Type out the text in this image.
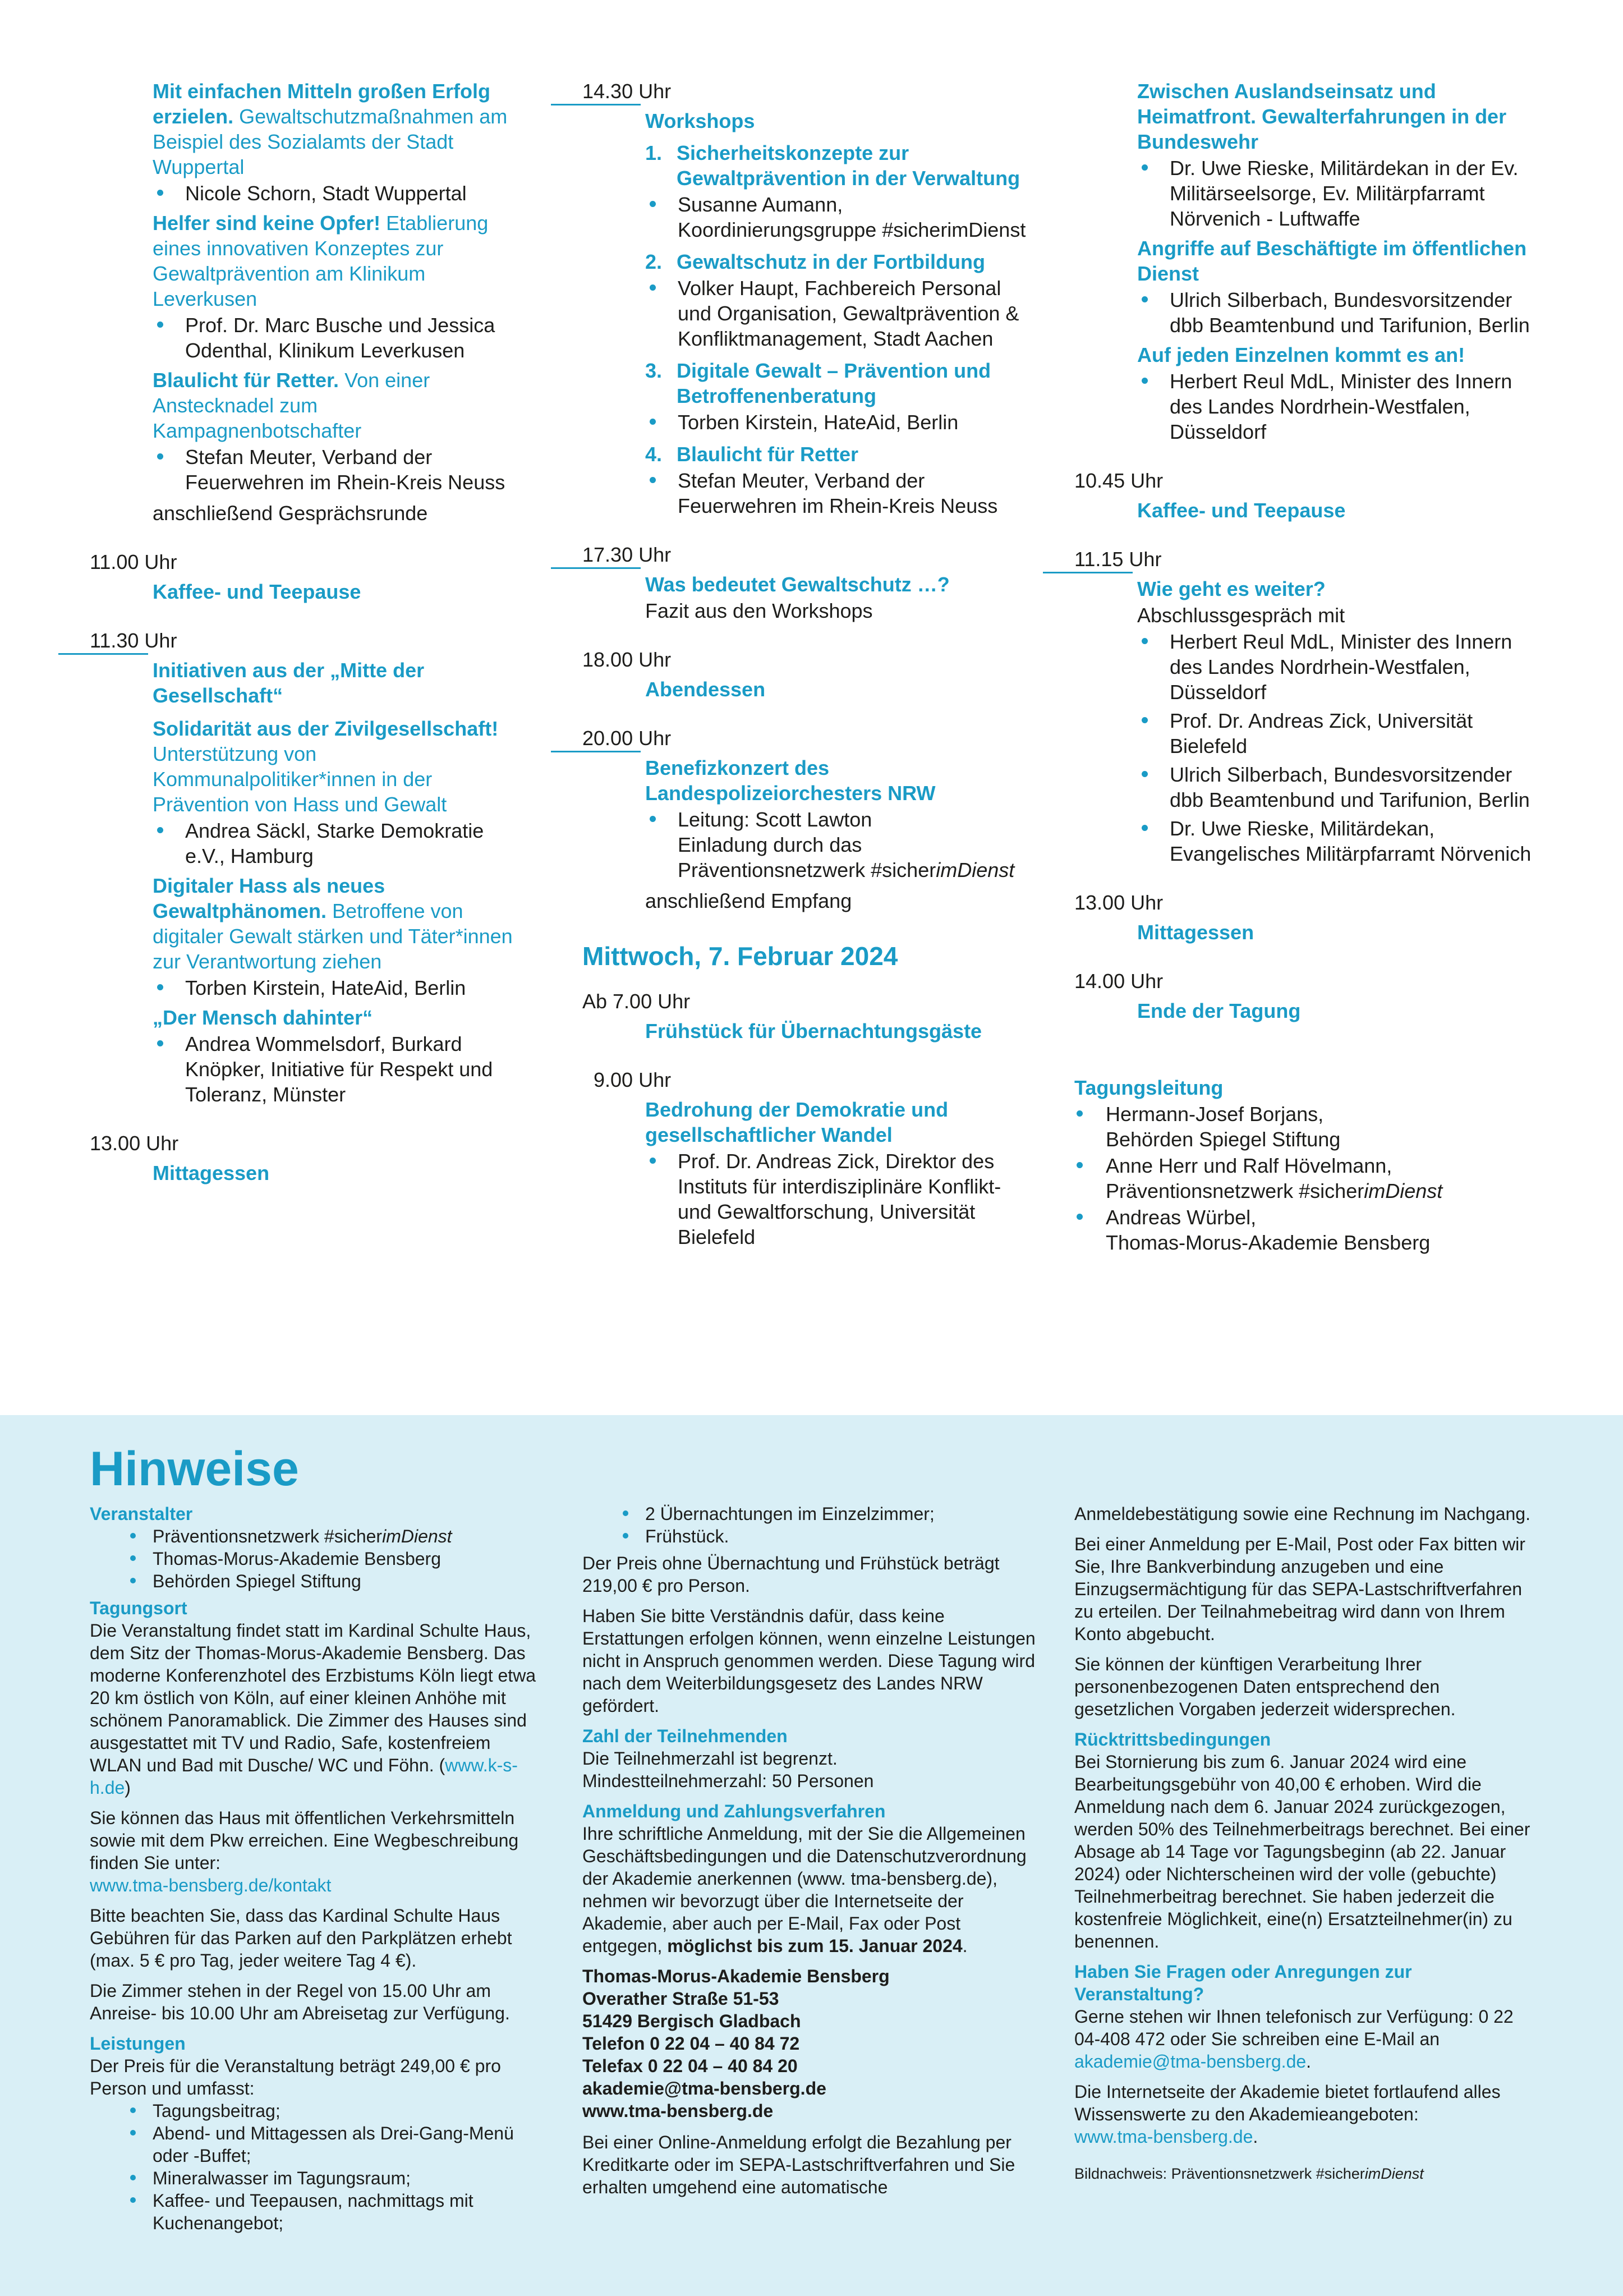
Mit einfachen Mitteln großen Erfolg erzielen. Gewaltschutzmaßnahmen am Beispiel des Sozialamts der Stadt Wuppertal
Nicole Schorn, Stadt Wuppertal
Helfer sind keine Opfer! Etablierung eines innovativen Konzeptes zur Gewaltprävention am Klinikum Leverkusen
Prof. Dr. Marc Busche und Jessica Odenthal, Klinikum Leverkusen
Blaulicht für Retter. Von einer Anstecknadel zum Kampagnenbotschafter
Stefan Meuter, Verband der Feuerwehren im Rhein-Kreis Neuss
anschließend Gesprächsrunde
11.00 Uhr
Kaffee- und Teepause
11.30 Uhr
Initiativen aus der „Mitte der Gesellschaft“
Solidarität aus der Zivilgesellschaft! Unterstützung von Kommunalpolitiker*innen in der Prävention von Hass und Gewalt
Andrea Säckl, Starke Demokratie e.V., Hamburg
Digitaler Hass als neues Gewaltphänomen. Betroffene von digitaler Gewalt stärken und Täter*innen zur Verantwortung ziehen
Torben Kirstein, HateAid, Berlin
„Der Mensch dahinter“
Andrea Wommelsdorf, Burkard Knöpker, Initiative für Respekt und Toleranz, Münster
13.00 Uhr
Mittagessen
14.30 Uhr
Workshops
1. Sicherheitskonzepte zur Gewaltprävention in der Verwaltung
Susanne Aumann, Koordinierungsgruppe #sicherimDienst
2. Gewaltschutz in der Fortbildung
Volker Haupt, Fachbereich Personal und Organisation, Gewaltprävention & Konfliktmanagement, Stadt Aachen
3. Digitale Gewalt – Prävention und Betroffenenberatung
Torben Kirstein, HateAid, Berlin
4. Blaulicht für Retter
Stefan Meuter, Verband der Feuerwehren im Rhein-Kreis Neuss
17.30 Uhr
Was bedeutet Gewaltschutz …?
Fazit aus den Workshops
18.00 Uhr
Abendessen
20.00 Uhr
Benefizkonzert des Landespolizeiorchesters NRW
Leitung: Scott Lawton
Einladung durch das Präventionsnetzwerk #sicherimDienst
anschließend Empfang
Mittwoch, 7. Februar 2024
Ab 7.00 Uhr
Frühstück für Übernachtungsgäste
9.00 Uhr
Bedrohung der Demokratie und gesellschaftlicher Wandel
Prof. Dr. Andreas Zick, Direktor des Instituts für interdisziplinäre Konflikt- und Gewaltforschung, Universität Bielefeld
Zwischen Auslandseinsatz und Heimatfront. Gewalterfahrungen in der Bundeswehr
Dr. Uwe Rieske, Militärdekan in der Ev. Militärseelsorge, Ev. Militärpfarramt Nörvenich - Luftwaffe
Angriffe auf Beschäftigte im öffentlichen Dienst
Ulrich Silberbach, Bundesvorsitzender dbb Beamtenbund und Tarifunion, Berlin
Auf jeden Einzelnen kommt es an!
Herbert Reul MdL, Minister des Innern des Landes Nordrhein-Westfalen, Düsseldorf
10.45 Uhr
Kaffee- und Teepause
11.15 Uhr
Wie geht es weiter?
Abschlussgespräch mit
Herbert Reul MdL, Minister des Innern des Landes Nordrhein-Westfalen, Düsseldorf
Prof. Dr. Andreas Zick, Universität Bielefeld
Ulrich Silberbach, Bundesvorsitzender dbb Beamtenbund und Tarifunion, Berlin
Dr. Uwe Rieske, Militärdekan, Evangelisches Militärpfarramt Nörvenich
13.00 Uhr
Mittagessen
14.00 Uhr
Ende der Tagung
Tagungsleitung
Hermann-Josef Borjans,
Behörden Spiegel Stiftung
Anne Herr und Ralf Hövelmann,
Präventionsnetzwerk #sicherimDienst
Andreas Würbel,
Thomas-Morus-Akademie Bensberg
Hinweise
Veranstalter
Präventionsnetzwerk #sicherimDienst
Thomas-Morus-Akademie Bensberg
Behörden Spiegel Stiftung
Tagungsort

Die Veranstaltung findet statt im Kardinal Schulte Haus, dem Sitz der Thomas-Morus-Akademie Bensberg. Das moderne Konferenzhotel des Erzbistums Köln liegt etwa 20 km östlich von Köln, auf einer kleinen Anhöhe mit schönem Panoramablick. Die Zimmer des Hauses sind ausgestattet mit TV und Radio, Safe, kostenfreiem WLAN und Bad mit Dusche/ WC und Föhn. (www.k-s-h.de)

Sie können das Haus mit öffentlichen Verkehrsmitteln sowie mit dem Pkw erreichen. Eine Wegbeschreibung finden Sie unter:
www.tma-bensberg.de/kontakt

Bitte beachten Sie, dass das Kardinal Schulte Haus Gebühren für das Parken auf den Parkplätzen erhebt (max. 5 € pro Tag, jeder weitere Tag 4 €).

Die Zimmer stehen in der Regel von 15.00 Uhr am Anreise- bis 10.00 Uhr am Abreisetag zur Verfügung.

Leistungen

Der Preis für die Veranstaltung beträgt 249,00 € pro Person und umfasst:

Tagungsbeitrag;
Abend- und Mittagessen als Drei-Gang-Menü oder -Buffet;
Mineralwasser im Tagungsraum;
Kaffee- und Teepausen, nachmittags mit Kuchenangebot;
2 Übernachtungen im Einzelzimmer;
Frühstück.

Der Preis ohne Übernachtung und Frühstück beträgt 219,00 € pro Person.

Haben Sie bitte Verständnis dafür, dass keine Erstattungen erfolgen können, wenn einzelne Leistungen nicht in Anspruch genommen werden. Diese Tagung wird nach dem Weiterbildungsgesetz des Landes NRW gefördert.

Zahl der Teilnehmenden

Die Teilnehmerzahl ist begrenzt.
Mindestteilnehmerzahl: 50 Personen

Anmeldung und Zahlungsverfahren

Ihre schriftliche Anmeldung, mit der Sie die Allgemeinen Geschäftsbedingungen und die Datenschutzverordnung der Akademie anerkennen (www. tma-bensberg.de), nehmen wir bevorzugt über die Internetseite der Akademie, aber auch per E-Mail, Fax oder Post entgegen, möglichst bis zum 15. Januar 2024.

Thomas-Morus-Akademie Bensberg
Overather Straße 51-53
51429 Bergisch Gladbach
Telefon 0 22 04 – 40 84 72
Telefax 0 22 04 – 40 84 20
akademie@tma-bensberg.de
www.tma-bensberg.de

Bei einer Online-Anmeldung erfolgt die Bezahlung per Kreditkarte oder im SEPA-Lastschriftverfahren und Sie erhalten umgehend eine automatische

Anmeldebestätigung sowie eine Rechnung im Nachgang.

Bei einer Anmeldung per E-Mail, Post oder Fax bitten wir Sie, Ihre Bankverbindung anzugeben und eine Einzugsermächtigung für das SEPA-Lastschriftverfahren zu erteilen. Der Teilnahmebeitrag wird dann von Ihrem Konto abgebucht.

Sie können der künftigen Verarbeitung Ihrer personenbezogenen Daten entsprechend den gesetzlichen Vorgaben jederzeit widersprechen.

Rücktrittsbedingungen

Bei Stornierung bis zum 6. Januar 2024 wird eine Bearbeitungsgebühr von 40,00 € erhoben. Wird die Anmeldung nach dem 6. Januar 2024 zurückgezogen, werden 50% des Teilnehmerbeitrags berechnet. Bei einer Absage ab 14 Tage vor Tagungsbeginn (ab 22. Januar 2024) oder Nichterscheinen wird der volle (gebuchte) Teilnehmerbeitrag berechnet. Sie haben jederzeit die kostenfreie Möglichkeit, eine(n) Ersatzteilnehmer(in) zu benennen.

Haben Sie Fragen oder Anregungen zur Veranstaltung?

Gerne stehen wir Ihnen telefonisch zur Verfügung: 0 22 04-408 472 oder Sie schreiben eine E-Mail an
akademie@tma-bensberg.de.

Die Internetseite der Akademie bietet fortlaufend alles Wissenswerte zu den Akademieangeboten:
www.tma-bensberg.de.

Bildnachweis: Präventionsnetzwerk #sicherimDienst
